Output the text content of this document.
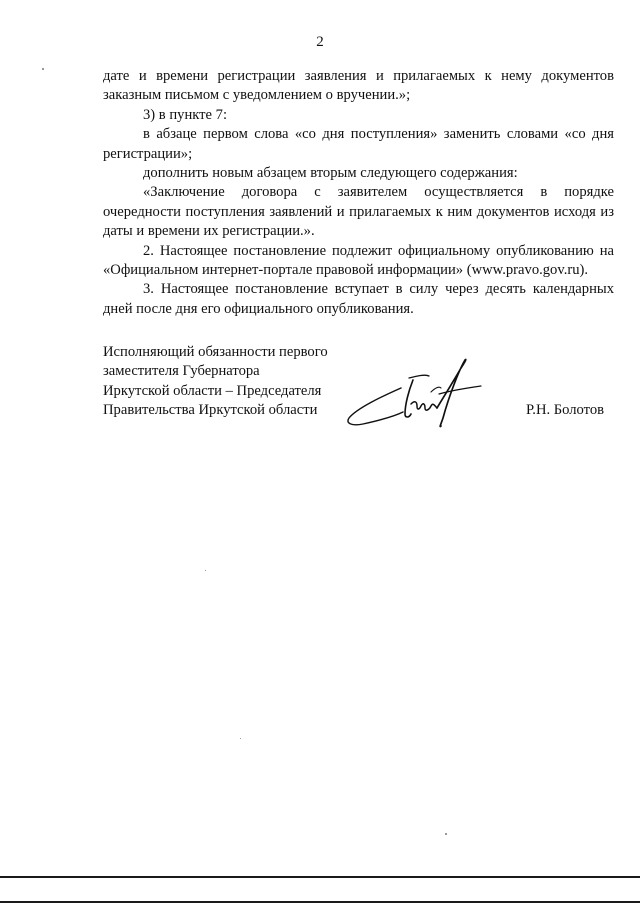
2

дате и времени регистрации заявления и прилагаемых к нему документов заказным письмом с уведомлением о вручении.»;

3) в пункте 7:

в абзаце первом слова «со дня поступления» заменить словами «со дня регистрации»;

дополнить новым абзацем вторым следующего содержания:

«Заключение договора с заявителем осуществляется в порядке очередности поступления заявлений и прилагаемых к ним документов исходя из даты и времени их регистрации.».

2. Настоящее постановление подлежит официальному опубликованию на «Официальном интернет-портале правовой информации» (www.pravo.gov.ru).

3. Настоящее постановление вступает в силу через десять календарных дней после дня его официального опубликования.

Исполняющий обязанности первого
заместителя Губернатора
Иркутской области – Председателя
Правительства Иркутской области	Р.Н. Болотов
